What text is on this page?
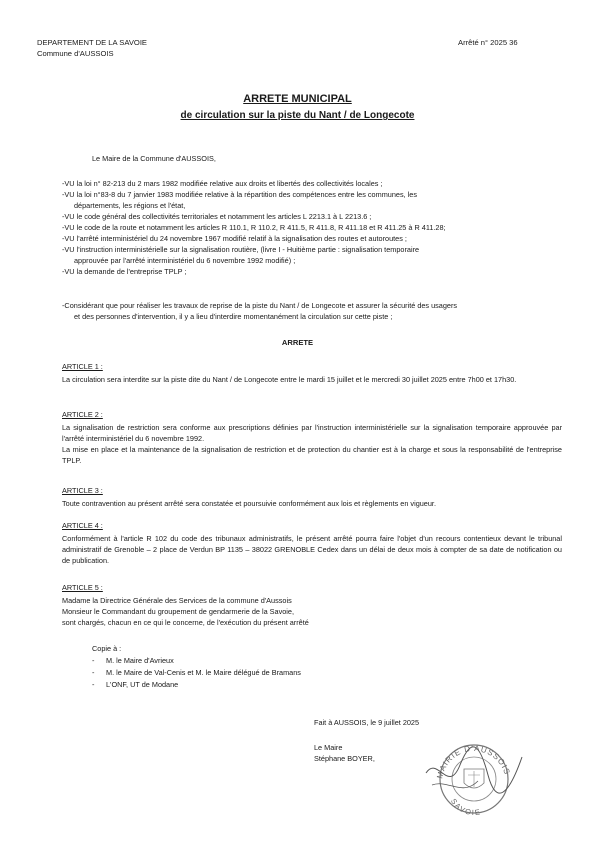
DEPARTEMENT DE LA SAVOIE
Commune d'AUSSOIS
Arrêté n° 2025 36
ARRETE MUNICIPAL
de circulation sur la piste du Nant / de Longecote
Le Maire de la Commune d'AUSSOIS,
-VU la loi n° 82-213 du 2 mars 1982 modifiée relative aux droits et libertés des collectivités locales ;
-VU la loi n°83-8 du 7 janvier 1983 modifiée relative à la répartition des compétences entre les communes, les
départements, les régions et l'état,
-VU le code général des collectivités territoriales et notamment les articles L 2213.1 à L 2213.6 ;
-VU le code de la route et notamment les articles R 110.1, R 110.2, R 411.5, R 411.8, R 411.18 et R 411.25 à R 411.28;
-VU l'arrêté interministériel du 24 novembre 1967 modifié relatif à la signalisation des routes et autoroutes ;
-VU l'instruction interministérielle sur la signalisation routière, (livre I - Huitième partie : signalisation temporaire
approuvée par l'arrêté interministériel du 6 novembre 1992 modifié) ;
-VU la demande de l'entreprise TPLP ;
-Considérant que pour réaliser les travaux de reprise de la piste du Nant / de Longecote et assurer la sécurité des usagers
et des personnes d'intervention, il y a lieu d'interdire momentanément la circulation sur cette piste ;
ARRETE
ARTICLE 1 :
La circulation sera interdite sur la piste dite du Nant / de Longecote entre le mardi 15 juillet et le mercredi 30 juillet 2025 entre 7h00 et 17h30.
ARTICLE 2 :
La signalisation de restriction sera conforme aux prescriptions définies par l'instruction interministérielle sur la signalisation temporaire approuvée par l'arrêté interministériel du 6 novembre 1992.
La mise en place et la maintenance de la signalisation de restriction et de protection du chantier est à la charge et sous la responsabilité de l'entreprise TPLP.
ARTICLE 3 :
Toute contravention au présent arrêté sera constatée et poursuivie conformément aux lois et règlements en vigueur.
ARTICLE 4 :
Conformément à l'article R 102 du code des tribunaux administratifs, le présent arrêté pourra faire l'objet d'un recours contentieux devant le tribunal administratif de Grenoble – 2 place de Verdun BP 1135 – 38022 GRENOBLE Cedex dans un délai de deux mois à compter de sa date de notification ou de publication.
ARTICLE 5 :
Madame la Directrice Générale des Services de la commune d'Aussois
Monsieur le Commandant du groupement de gendarmerie de la Savoie,
sont chargés, chacun en ce qui le concerne, de l'exécution du présent arrêté
Copie à :
- M. le Maire d'Avrieux
- M. le Maire de Val-Cenis et M. le Maire délégué de Bramans
- L'ONF, UT de Modane
Fait à AUSSOIS, le 9 juillet 2025
Le Maire
Stéphane BOYER,
MAIRIE D'AUSSOIS
SAVOIE
